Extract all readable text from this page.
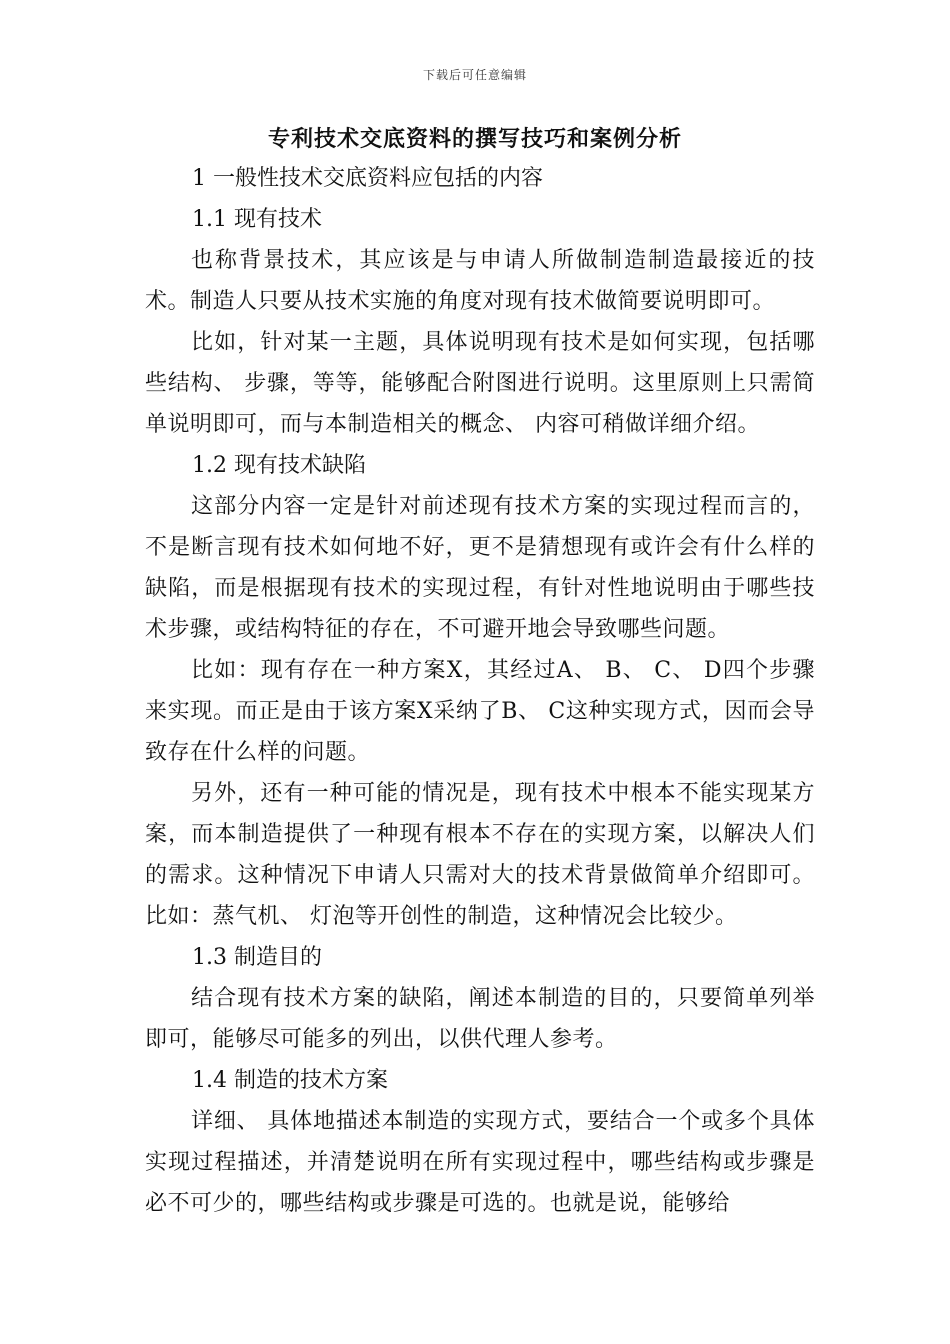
下载后可任意编辑
专利技术交底资料的撰写技巧和案例分析

1 一般性技术交底资料应包括的内容

1.1 现有技术

也称背景技术，其应该是与申请人所做制造制造最接近的技术。制造人只要从技术实施的角度对现有技术做简要说明即可。

比如，针对某一主题，具体说明现有技术是如何实现，包括哪些结构、 步骤，等等，能够配合附图进行说明。这里原则上只需简单说明即可，而与本制造相关的概念、 内容可稍做详细介绍。

1.2 现有技术缺陷

这部分内容一定是针对前述现有技术方案的实现过程而言的，不是断言现有技术如何地不好，更不是猜想现有或许会有什么样的缺陷，而是根据现有技术的实现过程，有针对性地说明由于哪些技术步骤，或结构特征的存在，不可避开地会导致哪些问题。

比如：现有存在一种方案X，其经过A、 B、 C、 D四个步骤来实现。而正是由于该方案X采纳了B、 C这种实现方式，因而会导致存在什么样的问题。

另外，还有一种可能的情况是，现有技术中根本不能实现某方案，而本制造提供了一种现有根本不存在的实现方案，以解决人们的需求。这种情况下申请人只需对大的技术背景做简单介绍即可。比如：蒸气机、 灯泡等开创性的制造，这种情况会比较少。

1.3 制造目的

结合现有技术方案的缺陷，阐述本制造的目的，只要简单列举即可，能够尽可能多的列出，以供代理人参考。

1.4 制造的技术方案

详细、 具体地描述本制造的实现方式，要结合一个或多个具体实现过程描述，并清楚说明在所有实现过程中，哪些结构或步骤是必不可少的，哪些结构或步骤是可选的。也就是说，能够给
